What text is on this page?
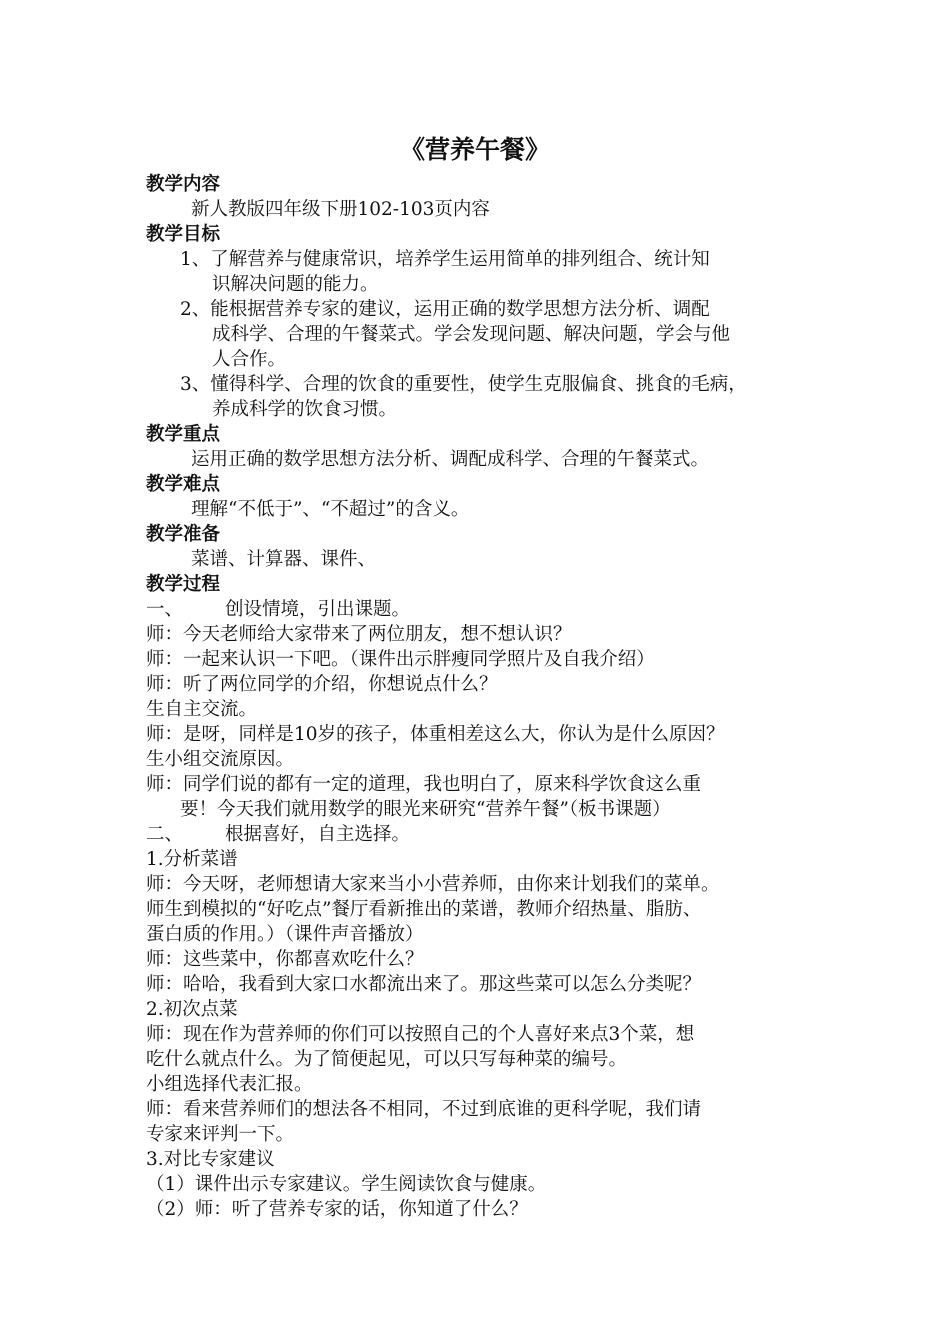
《营养午餐》

教学内容

新人教版四年级下册102-103页内容

教学目标

1、了解营养与健康常识，培养学生运用简单的排列组合、统计知

识解决问题的能力。

2、能根据营养专家的建议，运用正确的数学思想方法分析、调配

成科学、合理的午餐菜式。学会发现问题、解决问题，学会与他

人合作。

3、懂得科学、合理的饮食的重要性，使学生克服偏食、挑食的毛病，

养成科学的饮食习惯。

教学重点

运用正确的数学思想方法分析、调配成科学、合理的午餐菜式。

教学难点

理解“不低于”、“不超过”的含义。

教学准备

菜谱、计算器、课件、

教学过程

一、 创设情境，引出课题。

师：今天老师给大家带来了两位朋友，想不想认识？

师：一起来认识一下吧。（课件出示胖瘦同学照片及自我介绍）

师：听了两位同学的介绍，你想说点什么？

生自主交流。

师：是呀，同样是10岁的孩子，体重相差这么大，你认为是什么原因？

生小组交流原因。

师：同学们说的都有一定的道理，我也明白了，原来科学饮食这么重

要！今天我们就用数学的眼光来研究“营养午餐”（板书课题）

二、 根据喜好，自主选择。

1.分析菜谱

师：今天呀，老师想请大家来当小小营养师，由你来计划我们的菜单。

师生到模拟的“好吃点”餐厅看新推出的菜谱，教师介绍热量、脂肪、

蛋白质的作用。）（课件声音播放）

师：这些菜中，你都喜欢吃什么？

师：哈哈，我看到大家口水都流出来了。那这些菜可以怎么分类呢？

2.初次点菜

师：现在作为营养师的你们可以按照自己的个人喜好来点3个菜，想

吃什么就点什么。为了简便起见，可以只写每种菜的编号。

小组选择代表汇报。

师：看来营养师们的想法各不相同，不过到底谁的更科学呢，我们请

专家来评判一下。

3.对比专家建议

（1）课件出示专家建议。学生阅读饮食与健康。

（2）师：听了营养专家的话，你知道了什么？
